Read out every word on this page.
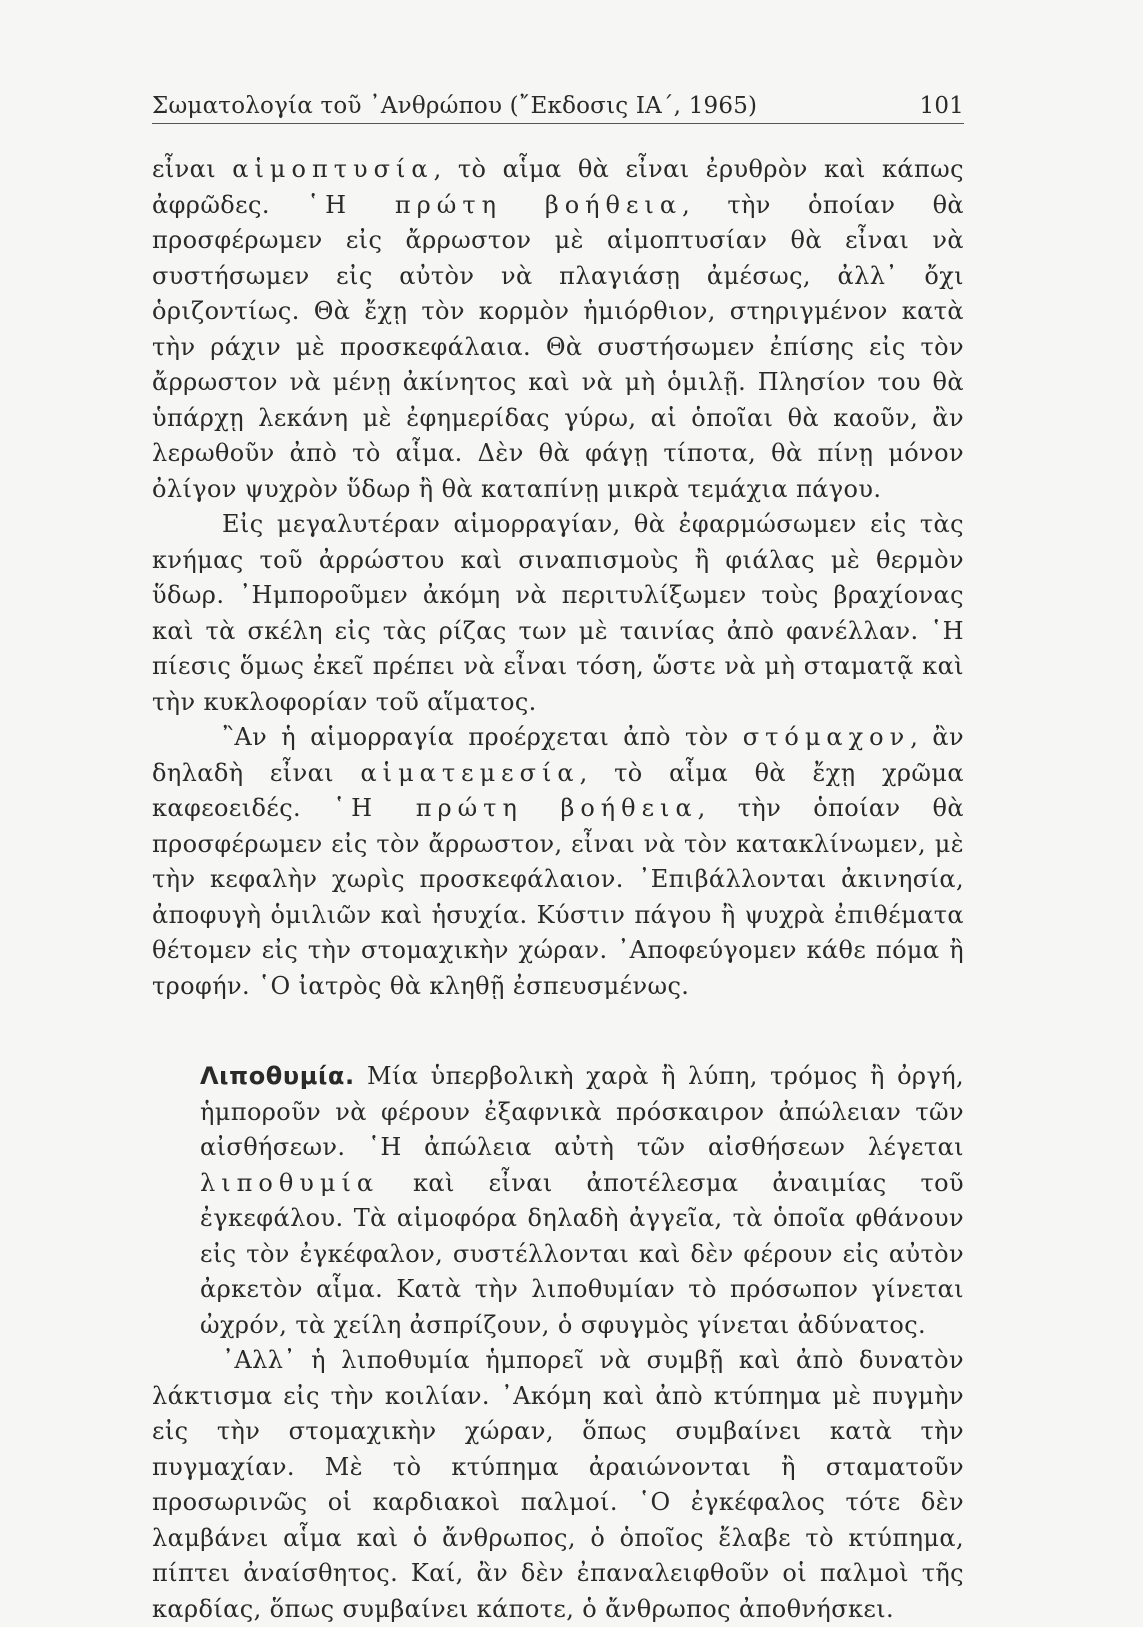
Σωματολογία τοῦ ᾿Ανθρώπου (῎Εκδοσις ΙΑ΄, 1965)	101

εἶναι αἱμοπτυσία, τὸ αἷμα θὰ εἶναι ἐρυθρὸν καὶ κάπως ἀφρῶδες. ῾Η πρώτη βοήθεια, τὴν ὁποίαν θὰ προσφέρωμεν εἰς ἄρρωστον μὲ αἱμοπτυσίαν θὰ εἶναι νὰ συστήσωμεν εἰς αὐτὸν νὰ πλαγιάσῃ ἀμέσως, ἀλλ᾿ ὄχι ὁριζοντίως. Θὰ ἔχῃ τὸν κορμὸν ἡμιόρθιον, στηριγμένον κατὰ τὴν ράχιν μὲ προσκεφάλαια. Θὰ συστήσωμεν ἐπίσης εἰς τὸν ἄρρωστον νὰ μένῃ ἀκίνητος καὶ νὰ μὴ ὁμιλῇ. Πλησίον του θὰ ὑπάρχῃ λεκάνη μὲ ἐφημερίδας γύρω, αἱ ὁποῖαι θὰ καοῦν, ἂν λερωθοῦν ἀπὸ τὸ αἷμα. Δὲν θὰ φάγῃ τίποτα, θὰ πίνῃ μόνον ὀλίγον ψυχρὸν ὕδωρ ἢ θὰ καταπίνῃ μικρὰ τεμάχια πάγου.

Εἰς μεγαλυτέραν αἱμορραγίαν, θὰ ἐφαρμώσωμεν εἰς τὰς κνήμας τοῦ ἀρρώστου καὶ σιναπισμοὺς ἢ φιάλας μὲ θερμὸν ὕδωρ. ᾿Ημποροῦμεν ἀκόμη νὰ περιτυλίξωμεν τοὺς βραχίονας καὶ τὰ σκέλη εἰς τὰς ρίζας των μὲ ταινίας ἀπὸ φανέλλαν. ῾Η πίεσις ὅμως ἐκεῖ πρέπει νὰ εἶναι τόση, ὥστε νὰ μὴ σταματᾷ καὶ τὴν κυκλοφορίαν τοῦ αἵματος.

῍Αν ἡ αἱμορραγία προέρχεται ἀπὸ τὸν στόμαχον, ἂν δηλαδὴ εἶναι αἱματεμεσία, τὸ αἷμα θὰ ἔχῃ χρῶμα καφεοειδές. ῾Η πρώτη βοήθεια, τὴν ὁποίαν θὰ προσφέρωμεν εἰς τὸν ἄρρωστον, εἶναι νὰ τὸν κατακλίνωμεν, μὲ τὴν κεφαλὴν χωρὶς προσκεφάλαιον. ᾿Επιβάλλονται ἀκινησία, ἀποφυγὴ ὁμιλιῶν καὶ ἡσυχία. Κύστιν πάγου ἢ ψυχρὰ ἐπιθέματα θέτομεν εἰς τὴν στομαχικὴν χώραν. ᾿Αποφεύγομεν κάθε πόμα ἢ τροφήν. ῾Ο ἰατρὸς θὰ κληθῇ ἐσπευσμένως.

Λιποθυμία. Μία ὑπερβολικὴ χαρὰ ἢ λύπη, τρόμος ἢ ὀργή, ἡμποροῦν νὰ φέρουν ἐξαφνικὰ πρόσκαιρον ἀπώλειαν τῶν αἰσθήσεων. ῾Η ἀπώλεια αὐτὴ τῶν αἰσθήσεων λέγεται λιποθυμία καὶ εἶναι ἀποτέλεσμα ἀναιμίας τοῦ ἐγκεφάλου. Τὰ αἱμοφόρα δηλαδὴ ἀγγεῖα, τὰ ὁποῖα φθάνουν εἰς τὸν ἐγκέφαλον, συστέλλονται καὶ δὲν φέρουν εἰς αὐτὸν ἀρκετὸν αἷμα. Κατὰ τὴν λιποθυμίαν τὸ πρόσωπον γίνεται ὠχρόν, τὰ χείλη ἀσπρίζουν, ὁ σφυγμὸς γίνεται ἀδύνατος.

᾿Αλλ᾿ ἡ λιποθυμία ἡμπορεῖ νὰ συμβῇ καὶ ἀπὸ δυνατὸν λάκτισμα εἰς τὴν κοιλίαν. ᾿Ακόμη καὶ ἀπὸ κτύπημα μὲ πυγμὴν εἰς τὴν στομαχικὴν χώραν, ὅπως συμβαίνει κατὰ τὴν πυγμαχίαν. Μὲ τὸ κτύπημα ἀραιώνονται ἢ σταματοῦν προσωρινῶς οἱ καρδιακοὶ παλμοί. ῾Ο ἐγκέφαλος τότε δὲν λαμβάνει αἷμα καὶ ὁ ἄνθρωπος, ὁ ὁποῖος ἔλαβε τὸ κτύπημα, πίπτει ἀναίσθητος. Καί, ἂν δὲν ἐπαναλειφθοῦν οἱ παλμοὶ τῆς καρδίας, ὅπως συμβαίνει κάποτε, ὁ ἄνθρωπος ἀποθνήσκει.
